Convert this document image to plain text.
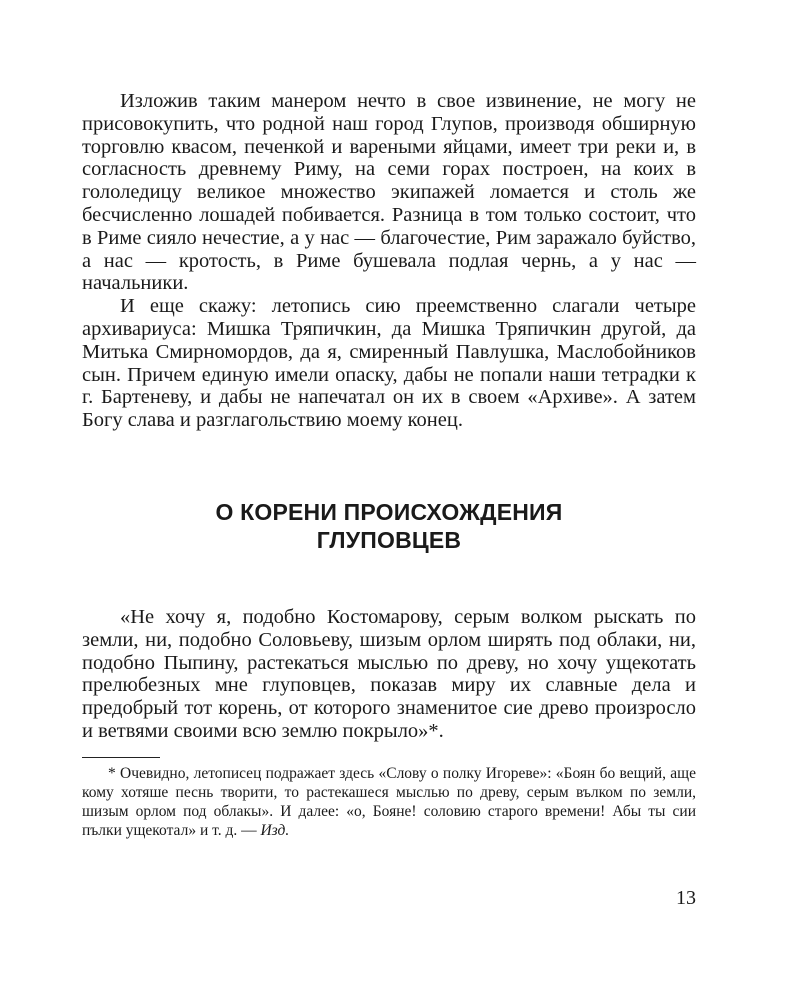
Изложив таким манером нечто в свое извинение, не могу не присовокупить, что родной наш город Глупов, производя обширную торговлю квасом, печенкой и вареными яйцами, имеет три реки и, в согласность древнему Риму, на семи горах построен, на коих в гололедицу великое множество экипажей ломается и столь же бесчисленно лошадей побивается. Разница в том только состоит, что в Риме сияло нечестие, а у нас — благочестие, Рим заражало буйство, а нас — кротость, в Риме бушевала подлая чернь, а у нас — начальники.

И еще скажу: летопись сию преемственно слагали четыре архивариуса: Мишка Тряпичкин, да Мишка Тряпичкин другой, да Митька Смирномордов, да я, смиренный Павлушка, Маслобойников сын. Причем единую имели опаску, дабы не попали наши тетрадки к г. Бартеневу, и дабы не напечатал он их в своем «Архиве». А затем Богу слава и разглагольствию моему конец.

О КОРЕНИ ПРОИСХОЖДЕНИЯ
ГЛУПОВЦЕВ

«Не хочу я, подобно Костомарову, серым волком рыскать по земли, ни, подобно Соловьеву, шизым орлом ширять под облаки, ни, подобно Пыпину, растекаться мыслью по древу, но хочу ущекотать прелюбезных мне глуповцев, показав миру их славные дела и предобрый тот корень, от которого знаменитое сие древо произросло и ветвями своими всю землю покрыло»*.

* Очевидно, летописец подражает здесь «Слову о полку Игореве»: «Боян бо вещий, аще кому хотяше песнь творити, то растекашеся мыслью по древу, серым вълком по земли, шизым орлом под облакы». И далее: «о, Бояне! соловию старого времени! Абы ты сии пълки ущекотал» и т. д. — Изд.

13
